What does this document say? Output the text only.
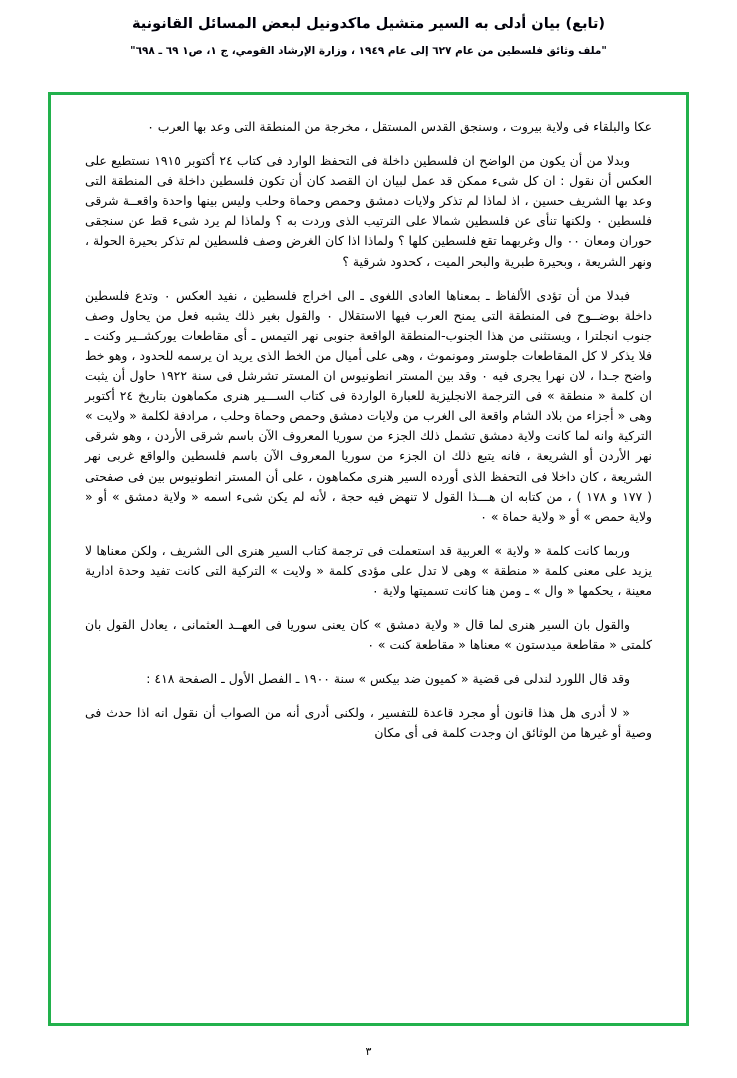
(تابع) بيان أدلى به السير متشيل ماكدونيل لبعض المسائل القانونية
"ملف وثائق فلسطين من عام ٦٢٧ إلى عام ١٩٤٩ ، وزارة الإرشاد القومي، ج ١، ص١ ٦٩ ـ ٦٩٨"

عكا والبلقاء فى ولاية بيروت ، وسنجق القدس المستقل ، مخرجة من المنطقة التى وعد بها العرب ٠

وبدلا من أن يكون من الواضح ان فلسطين داخلة فى التحفظ الوارد فى كتاب ٢٤ أكتوبر ١٩١٥ نستطيع على العكس أن نقول : ان كل شىء ممكن قد عمل لبيان ان القصد كان أن تكون فلسطين داخلة فى المنطقة التى وعد بها الشريف حسين ، اذ لماذا لم تذكر ولايات دمشق وحمص وحماة وحلب وليس بينها واحدة واقعــة شرقى فلسطين ٠ ولكنها تنأى عن فلسطين شمالا على الترتيب الذى وردت به ؟ ولماذا لم يرد شىء قط عن سنجقى حوران ومعان ٠٠ وال وغربهما تقع فلسطين كلها ؟ ولماذا اذا كان الغرض وصف فلسطين لم تذكر بحيرة الحولة ، ونهر الشريعة ، وبحيرة طبرية والبحر الميت ، كحدود شرقية ؟

فبدلا من أن تؤدى الألفاظ ـ بمعناها العادى اللغوى ـ الى اخراج فلسطين ، نفيد العكس ٠ وتدع فلسطين داخلة بوضــوح فى المنطقة التى يمنح العرب فيها الاستقلال ٠ والقول بغير ذلك يشبه فعل من يحاول وصف جنوب انجلترا ، ويستثنى من هذا الجنوب-المنطقة الواقعة جنوبى نهر التيمس ـ أى مقاطعات يوركشــير وكنت ـ فلا يذكر لا كل المقاطعات جلوستر ومونموث ، وهى على أميال من الخط الذى يريد ان يرسمه للحدود ، وهو خط واضح جـدا ، لان نهرا يجرى فيه ٠ وقد بين المستر انطونيوس ان المستر تشرشل فى سنة ١٩٢٢ حاول أن يثبت ان كلمة « منطقة » فى الترجمة الانجليزية للعبارة الواردة فى كتاب الســـير هنرى مكماهون بتاريخ ٢٤ أكتوبر وهى « أجزاء من بلاد الشام واقعة الى الغرب من ولايات دمشق وحمص وحماة وحلب ، مرادفة لكلمة « ولايت » التركية وانه لما كانت ولاية دمشق تشمل ذلك الجزء من سوريا المعروف الآن باسم شرقى الأردن ، وهو شرقى نهر الأردن أو الشريعة ، فانه يتبع ذلك ان الجزء من سوريا المعروف الآن باسم فلسطين والواقع غربى نهر الشريعة ، كان داخلا فى التحفظ الذى أورده السير هنرى مكماهون ، على أن المستر انطونيوس بين فى صفحتى ( ١٧٧ و ١٧٨ ) ، من كتابه ان هـــذا القول لا تنهض فيه حجة ، لأنه لم يكن شىء اسمه « ولاية دمشق » أو « ولاية حمص » أو « ولاية حماة » ٠

وربما كانت كلمة « ولاية » العربية قد استعملت فى ترجمة كتاب السير هنرى الى الشريف ، ولكن معناها لا يزيد على معنى كلمة « منطقة » وهى لا تدل على مؤدى كلمة « ولايت » التركية التى كانت تفيد وحدة ادارية معينة ، يحكمها « وال » ـ ومن هنا كانت تسميتها ولاية ٠

والقول بان السير هنرى لما قال « ولاية دمشق » كان يعنى سوريا فى العهــد العثمانى ، يعادل القول بان كلمتى « مقاطعة ميدستون » معناها « مقاطعة كنت » ٠

وقد قال اللورد لندلى فى قضية « كميون ضد بيكس » سنة ١٩٠٠ ـ الفصل الأول ـ الصفحة ٤١٨ :

« لا أدرى هل هذا قانون أو مجرد قاعدة للتفسير ، ولكنى أدرى أنه من الصواب أن نقول انه اذا حدث فى وصية أو غيرها من الوثائق ان وجدت كلمة فى أى مكان

٣
